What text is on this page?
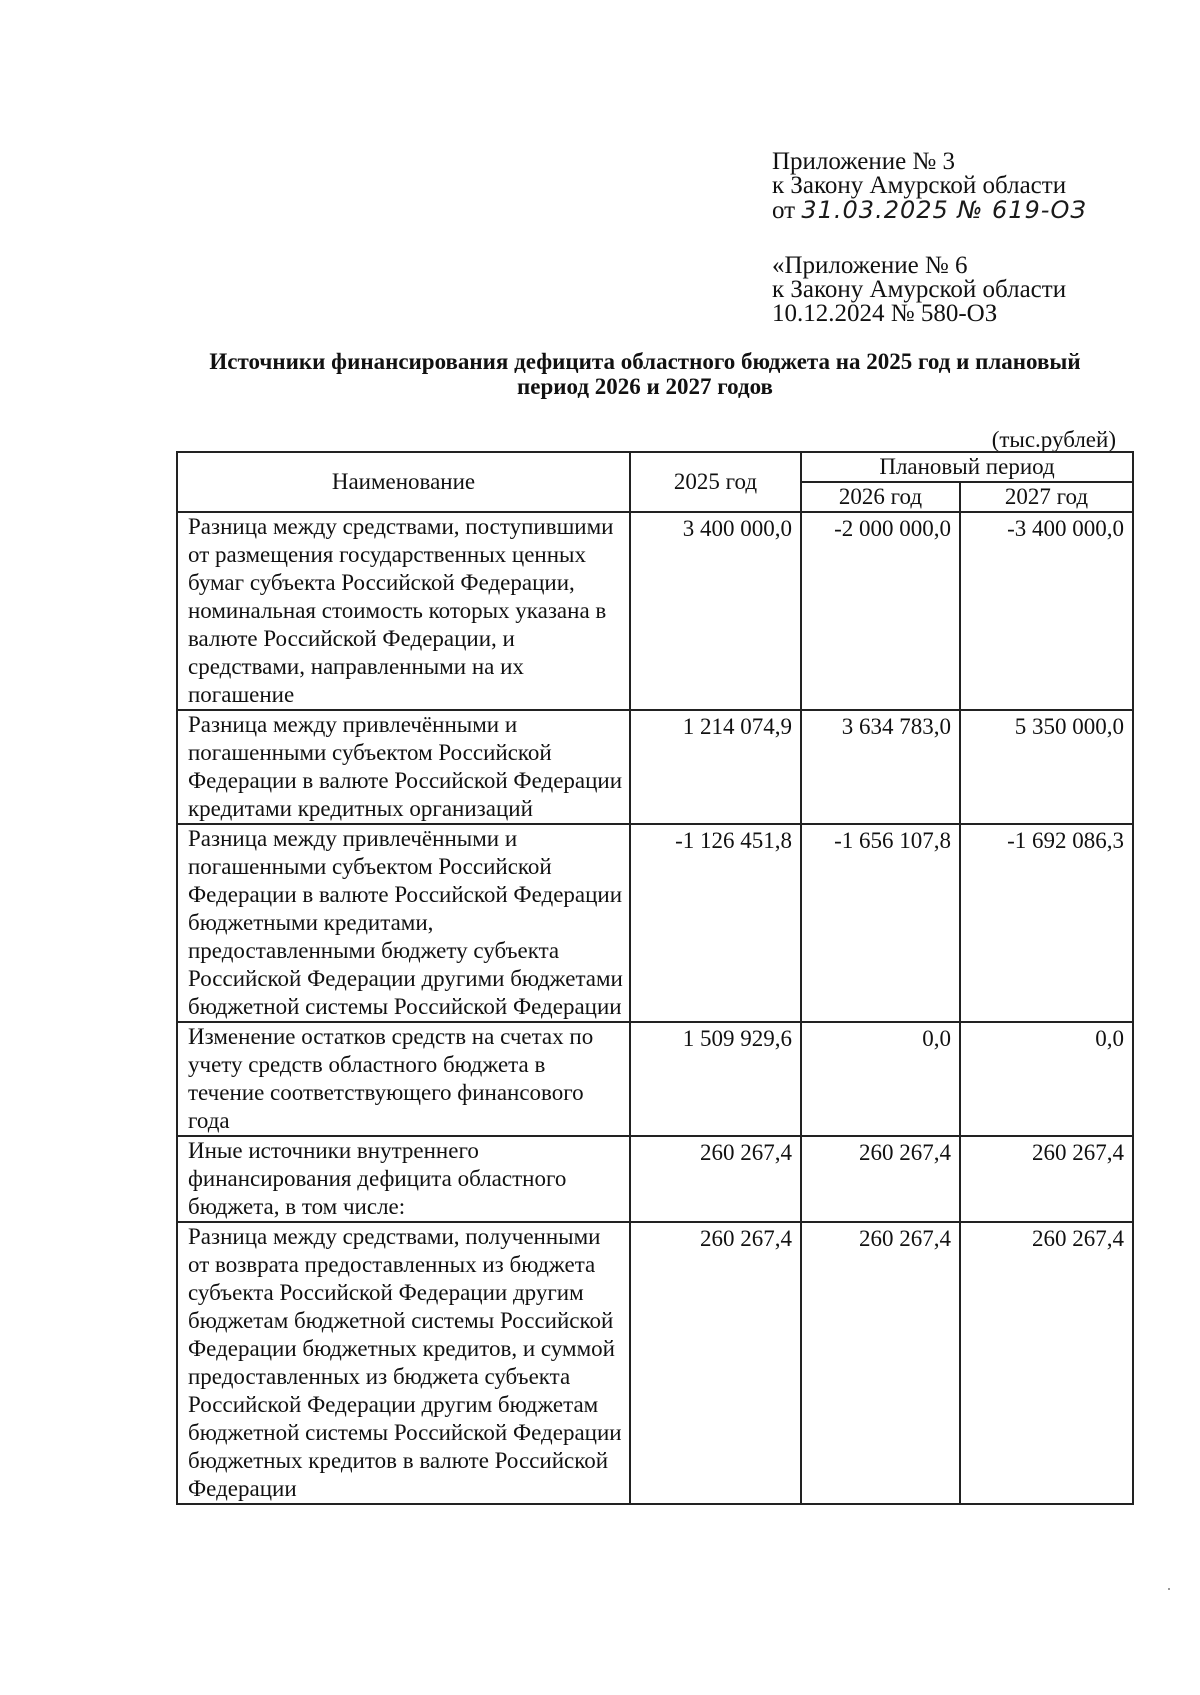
Приложение № 3
к Закону Амурской области
от 31.03.2025 № 619-ОЗ
«Приложение № 6
к Закону Амурской области
10.12.2024 № 580-ОЗ
Источники финансирования дефицита областного бюджета на 2025 год и плановый
период 2026 и 2027 годов
(тыс.рублей)
Наименование	2025 год	Плановый период	
		2026 год	2027 год
Разница между средствами, поступившими от размещения государственных ценных бумаг субъекта Российской Федерации, номинальная стоимость которых указана в валюте Российской Федерации, и средствами, направленными на их погашение	3 400 000,0	-2 000 000,0	-3 400 000,0
Разница между привлечёнными и погашенными субъектом Российской Федерации в валюте Российской Федерации кредитами кредитных организаций	1 214 074,9	3 634 783,0	5 350 000,0
Разница между привлечёнными и погашенными субъектом Российской Федерации в валюте Российской Федерации бюджетными кредитами, предоставленными бюджету субъекта Российской Федерации другими бюджетами бюджетной системы Российской Федерации	-1 126 451,8	-1 656 107,8	-1 692 086,3
Изменение остатков средств на счетах по учету средств областного бюджета в течение соответствующего финансового года	1 509 929,6	0,0	0,0
Иные источники внутреннего финансирования дефицита областного бюджета, в том числе:	260 267,4	260 267,4	260 267,4
Разница между средствами, полученными от возврата предоставленных из бюджета субъекта Российской Федерации другим бюджетам бюджетной системы Российской Федерации бюджетных кредитов, и суммой предоставленных из бюджета субъекта Российской Федерации другим бюджетам бюджетной системы Российской Федерации бюджетных кредитов в валюте Российской Федерации	260 267,4	260 267,4	260 267,4
